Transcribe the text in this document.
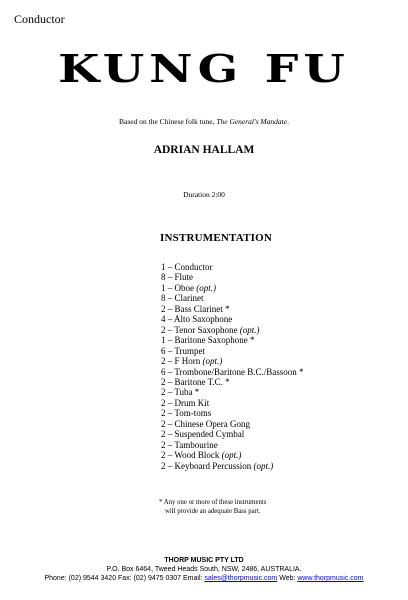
Conductor
KUNG FU
Based on the Chinese folk tune, The General's Mandate.
ADRIAN HALLAM
Duration 2:00
INSTRUMENTATION
1 – Conductor
8 – Flute
1 – Oboe (opt.)
8 – Clarinet
2 – Bass Clarinet *
4 – Alto Saxophone
2 – Tenor Saxophone (opt.)
1 – Baritone Saxophone *
6 – Trumpet
2 – F Horn (opt.)
6 – Trombone/Baritone B.C./Bassoon *
2 – Baritone T.C. *
2 – Tuba *
2 – Drum Kit
2 – Tom-toms
2 – Chinese Opera Gong
2 – Suspended Cymbal
2 – Tambourine
2 – Wood Block (opt.)
2 – Keyboard Percussion (opt.)
* Any one or more of these instruments
will provide an adequate Bass part.
THORP MUSIC PTY LTD
P.O. Box 6464, Tweed Heads South, NSW, 2486, AUSTRALIA.
Phone: (02) 9544 3420 Fax: (02) 9475 0307 Email: sales@thorpmusic.com Web: www.thorpmusic.com
